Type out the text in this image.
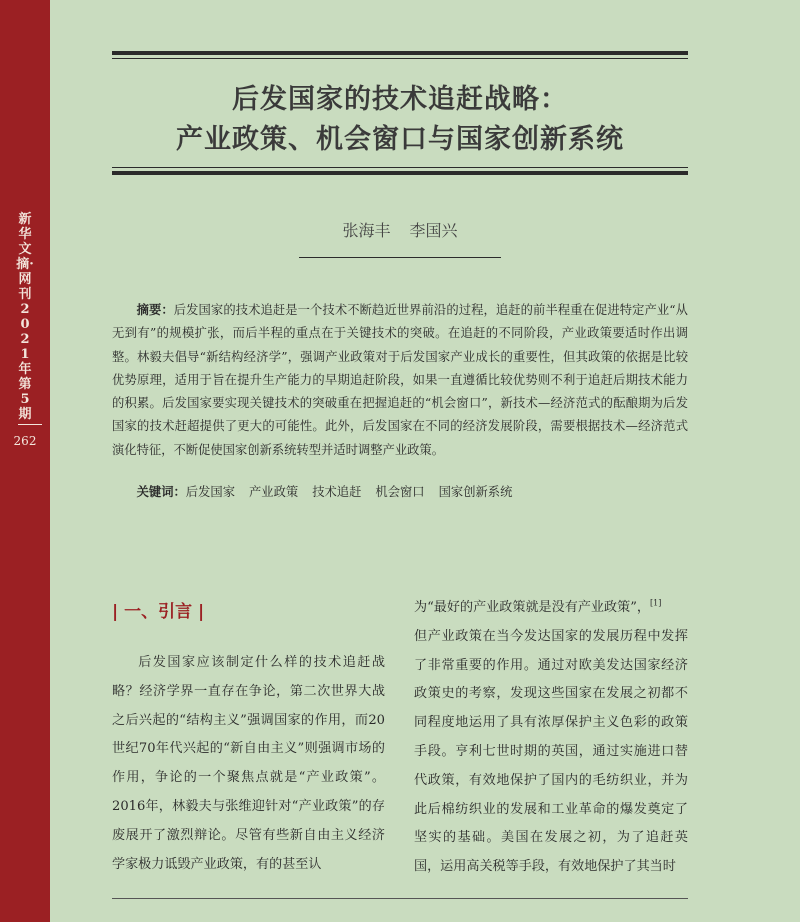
新华文摘·网刊2021年第5期
262
后发国家的技术追赶战略：
产业政策、机会窗口与国家创新系统
张海丰 李国兴

摘要：后发国家的技术追赶是一个技术不断趋近世界前沿的过程，追赶的前半程重在促进特定产业“从无到有”的规模扩张，而后半程的重点在于关键技术的突破。在追赶的不同阶段，产业政策要适时作出调整。林毅夫倡导“新结构经济学”，强调产业政策对于后发国家产业成长的重要性，但其政策的依据是比较优势原理，适用于旨在提升生产能力的早期追赶阶段，如果一直遵循比较优势则不利于追赶后期技术能力的积累。后发国家要实现关键技术的突破重在把握追赶的“机会窗口”，新技术—经济范式的酝酿期为后发国家的技术赶超提供了更大的可能性。此外，后发国家在不同的经济发展阶段，需要根据技术—经济范式演化特征，不断促使国家创新系统转型并适时调整产业政策。

关键词：后发国家 产业政策 技术追赶 机会窗口 国家创新系统

| 一、引言 |

后发国家应该制定什么样的技术追赶战略？经济学界一直存在争论，第二次世界大战之后兴起的“结构主义”强调国家的作用，而20世纪70年代兴起的“新自由主义”则强调市场的作用，争论的一个聚焦点就是“产业政策”。2016年，林毅夫与张维迎针对“产业政策”的存废展开了激烈辩论。尽管有些新自由主义经济学家极力诋毁产业政策，有的甚至认

为“最好的产业政策就是没有产业政策”，[1]
但产业政策在当今发达国家的发展历程中发挥了非常重要的作用。通过对欧美发达国家经济政策史的考察，发现这些国家在发展之初都不同程度地运用了具有浓厚保护主义色彩的政策手段。亨利七世时期的英国，通过实施进口替代政策，有效地保护了国内的毛纺织业，并为此后棉纺织业的发展和工业革命的爆发奠定了坚实的基础。美国在发展之初，为了追赶英国，运用高关税等手段，有效地保护了其当时
